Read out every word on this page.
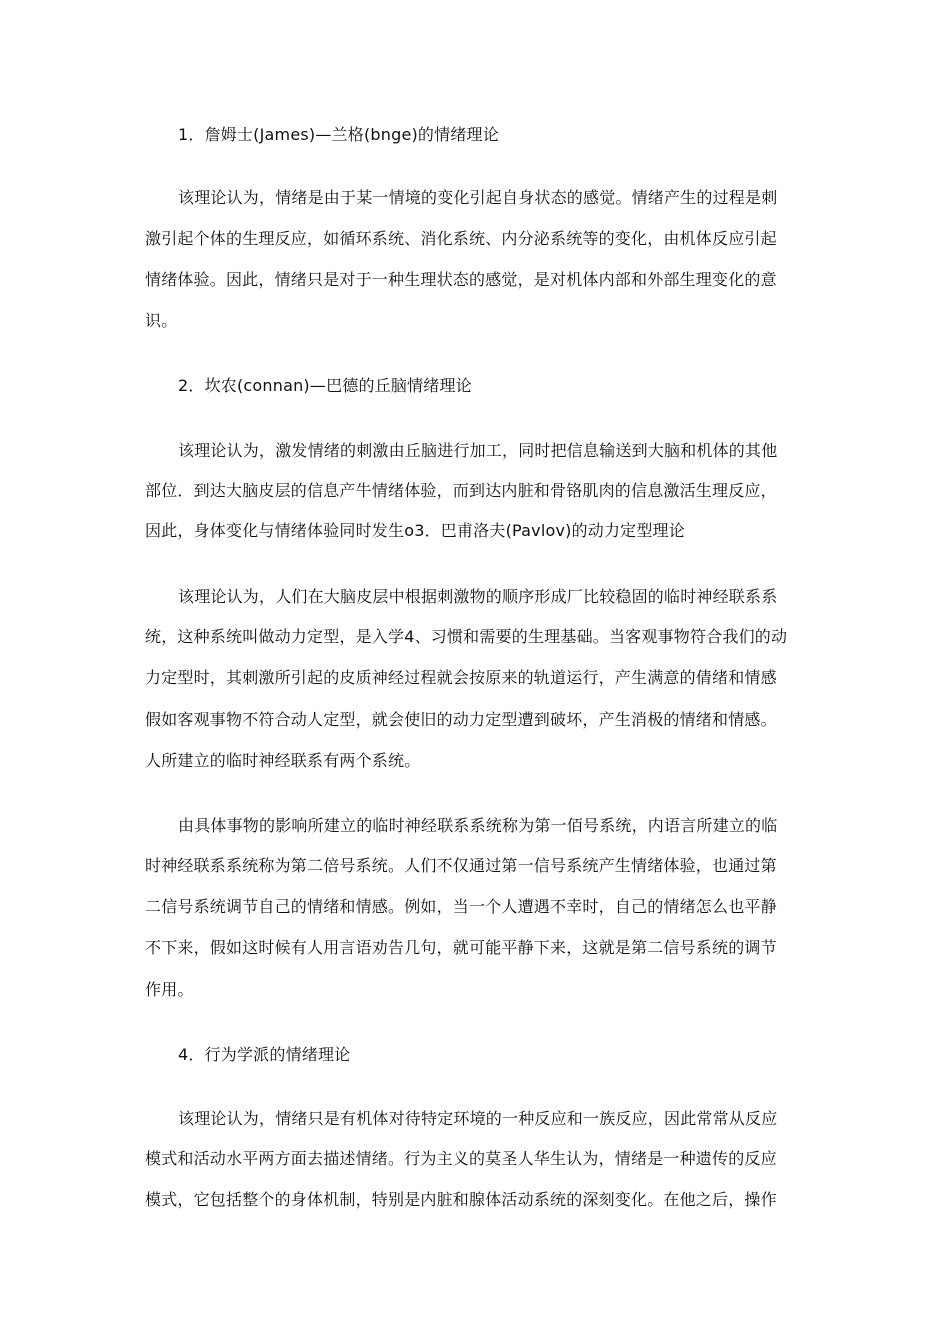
1．詹姆士(James)—兰格(bnge)的情绪理论
该理论认为，情绪是由于某一情境的变化引起自身状态的感觉。情绪产生的过程是刺
激引起个体的生理反应，如循环系统、消化系统、内分泌系统等的变化，由机体反应引起
情绪体验。因此，情绪只是对于一种生理状态的感觉，是对机体内部和外部生理变化的意
识。
2．坎农(connan)—巴德的丘脑情绪理论
该理论认为，激发情绪的刺激由丘脑进行加工，同时把信息输送到大脑和机体的其他
部位．到达大脑皮层的信息产牛情绪体验，而到达内脏和骨铬肌肉的信息激活生理反应，
因此，身体变化与情绪体验同时发生o3．巴甫洛夫(Pavlov)的动力定型理论
该理论认为，人们在大脑皮层中根据刺激物的顺序形成厂比较稳固的临时神经联系系
统，这种系统叫做动力定型，是入学4、习惯和需要的生理基础。当客观事物符合我们的动
力定型时，其刺激所引起的皮质神经过程就会按原来的轨道运行，产生满意的倩绪和情感
假如客观事物不符合动人定型，就会使旧的动力定型遭到破坏，产生消极的情绪和情感。
人所建立的临时神经联系有两个系统。
由具体事物的影响所建立的临时神经联系系统称为第一佰号系统，内语言所建立的临
时神经联系系统称为第二倍号系统。人们不仅通过第一信号系统产生情绪体验，也通过第
二信号系统调节自己的情绪和情感。例如，当一个人遭遇不幸时，自己的情绪怎么也平静
不下来，假如这时候有人用言语劝告几句，就可能平静下来，这就是第二信号系统的调节
作用。
4．行为学派的情绪理论
该理论认为，情绪只是有机体对待特定环境的一种反应和一族反应，因此常常从反应
模式和活动水平两方面去描述情绪。行为主义的莫圣人华生认为，情绪是一种遗传的反应
模式，它包括整个的身体机制，特别是内脏和腺体活动系统的深刻变化。在他之后，操作
